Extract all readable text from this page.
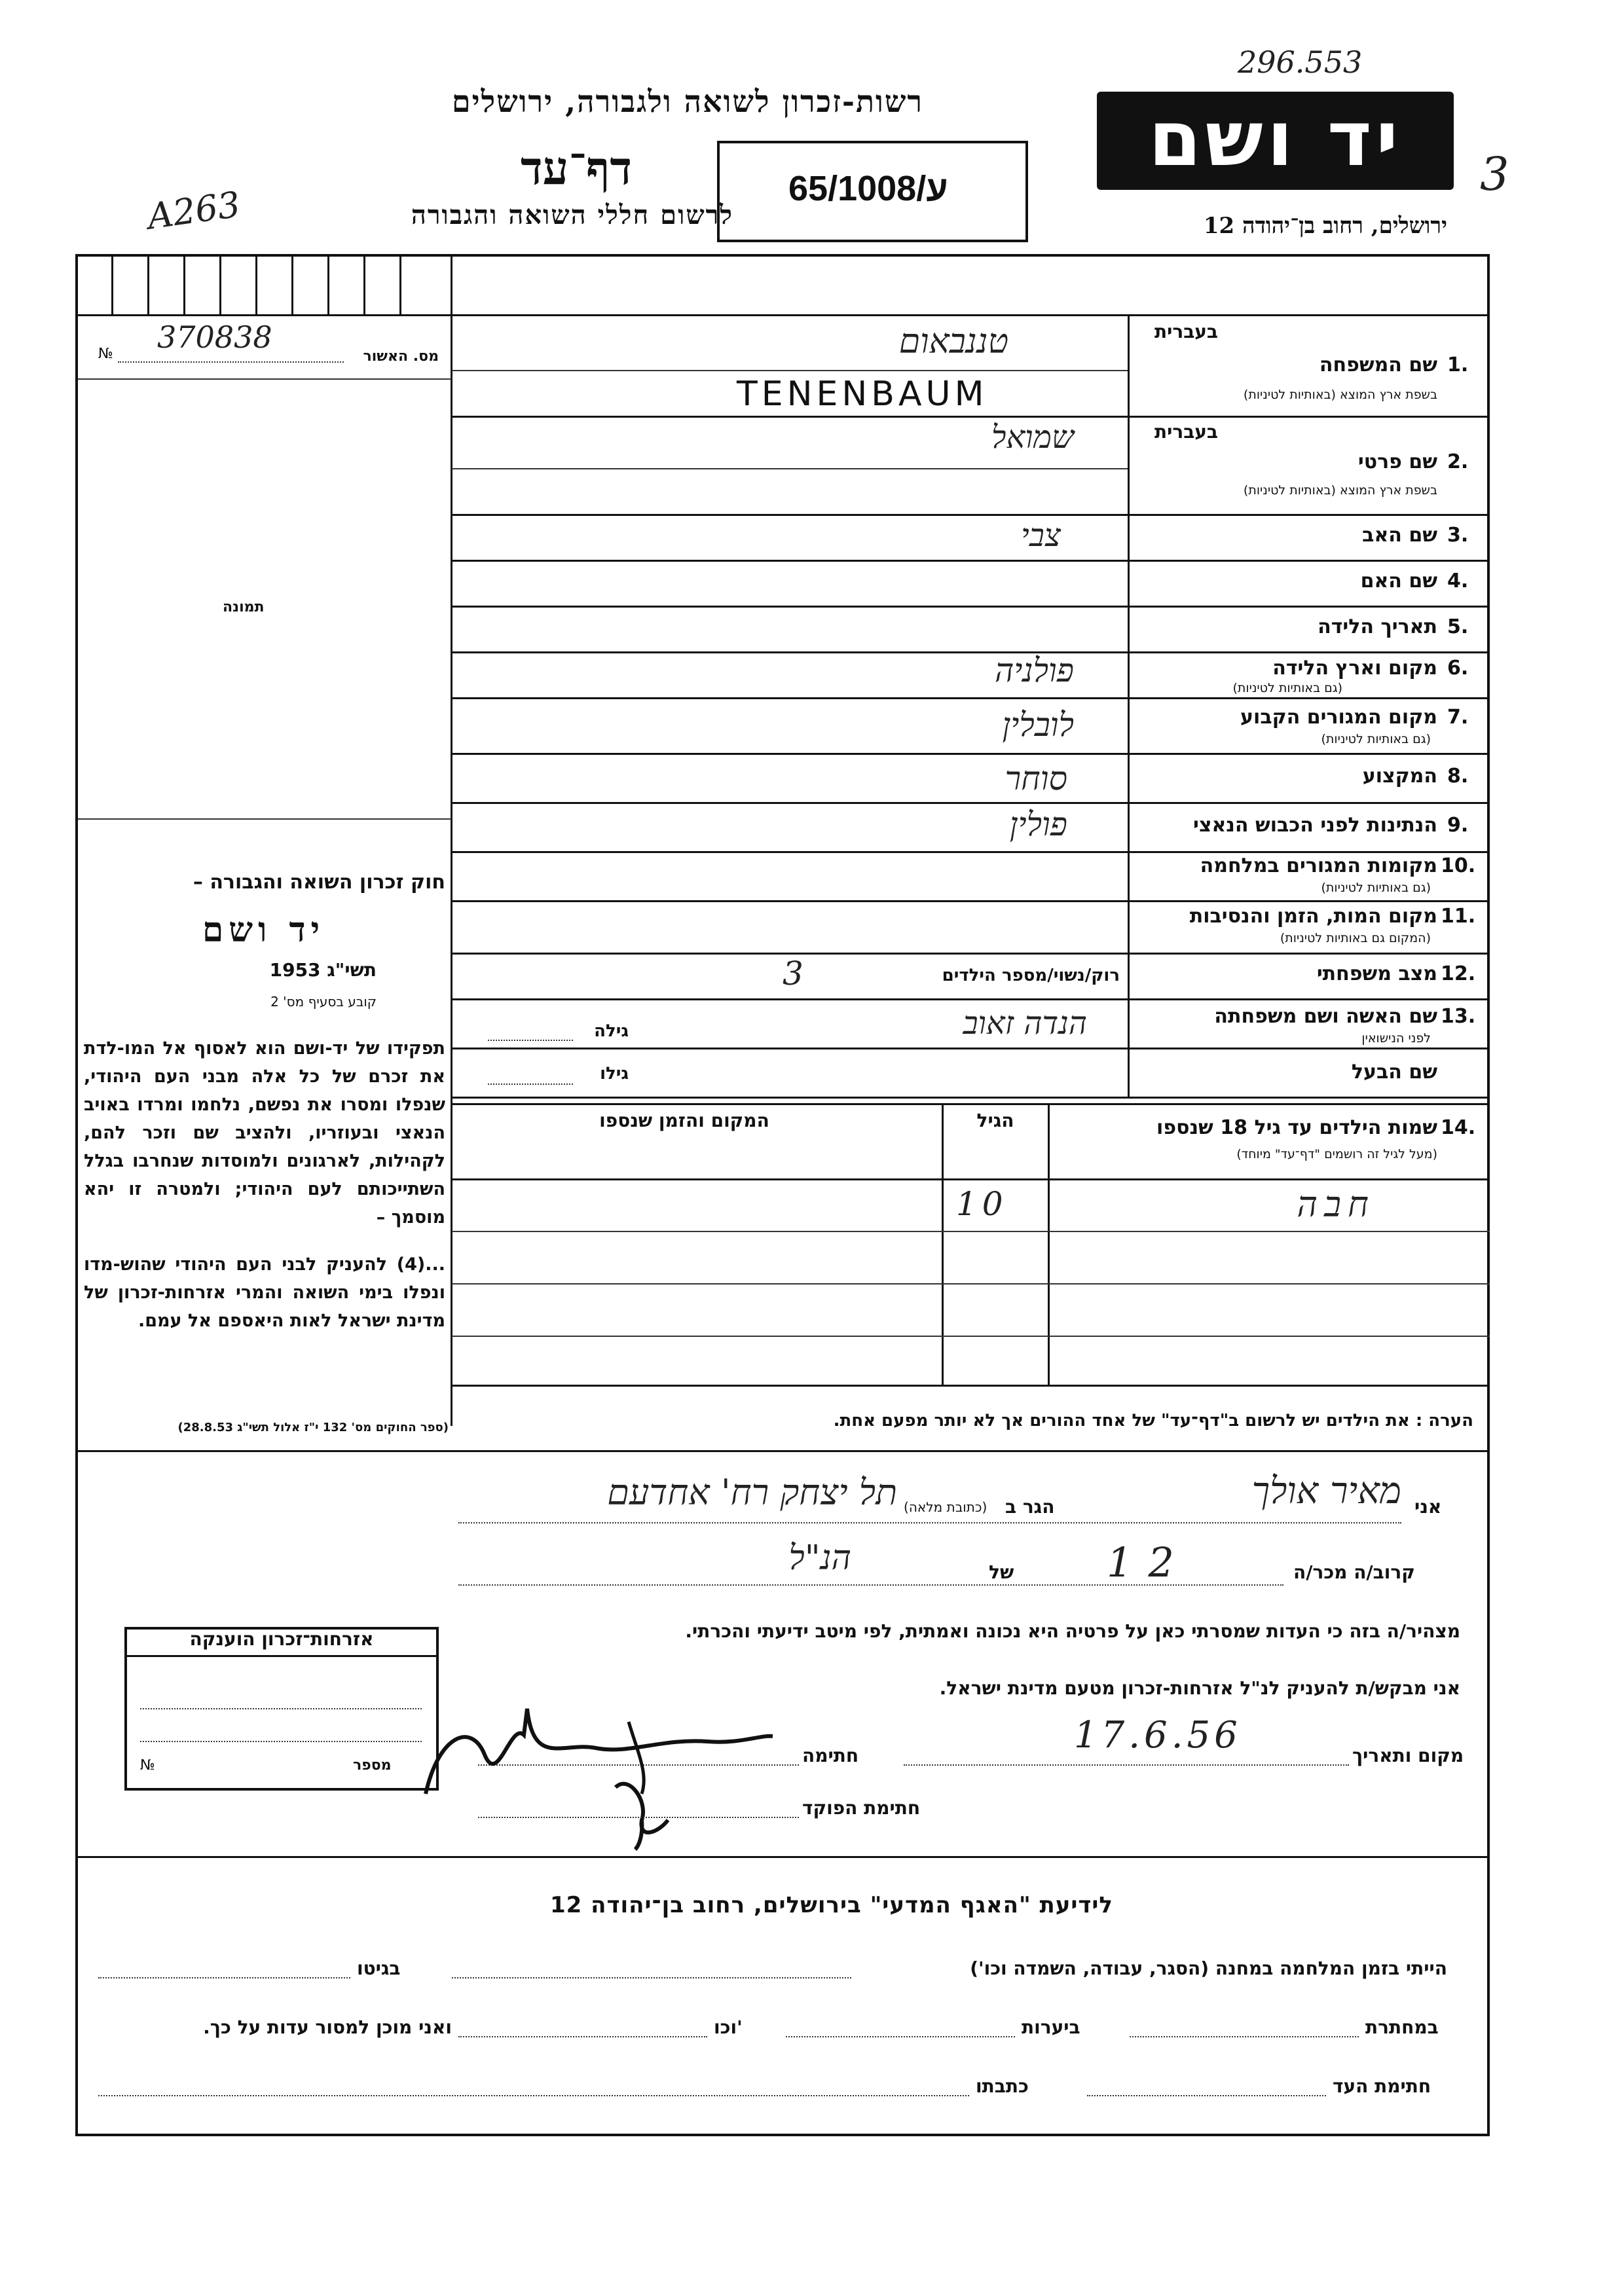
296.553
3
A263
רשות-זכרון לשואה ולגבורה, ירושלים
דף־עד
לרשום חללי השואה והגבורה
65/1008/ע
יד ושם
ירושלים, רחוב בן־יהודה 12
370838
№	מס. האשור
תמונה
חוק זכרון השואה והגבורה –
יד ושם
תשי"ג 1953
קובע בסעיף מס' 2
תפקידו של יד-ושם הוא לאסוף אל המו-לדת את זכרם של כל אלה מבני העם היהודי, שנפלו ומסרו את נפשם, נלחמו ומרדו באויב הנאצי ובעוזריו, ולהציב שם וזכר להם, לקהילות, לארגונים ולמוסדות שנחרבו בגלל השתייכותם לעם היהודי; ולמטרה זו יהא מוסמך –
...(4) להעניק לבני העם היהודי שהוש-מדו ונפלו בימי השואה והמרי אזרחות-זכרון של מדינת ישראל לאות היאספם אל עמם.
(ספר החוקים מס' 132 י"ז אלול תשי"ג 28.8.53)
בעברית
שם המשפחה 1.
בשפת ארץ המוצא (באותיות לטיניות)
טננבאום
TENENBAUM
בעברית
שם פרטי 2.
בשפת ארץ המוצא (באותיות לטיניות)
שמואל
שם האב 3.
צבי
שם האם 4.
תאריך הלידה 5.
מקום וארץ הלידה 6.
(גם באותיות לטיניות)
פולניה
מקום המגורים הקבוע 7.
(גם באותיות לטיניות)
לובלין
המקצוע 8.
סוחר
הנתינות לפני הכבוש הנאצי 9.
פולין
מקומות המגורים במלחמה 10.
(גם באותיות לטיניות)
מקום המות, הזמן והנסיבות 11.
(המקום גם באותיות לטיניות)
מצב משפחתי 12.
רוק/נשוי/מספר הילדים
3
שם האשה ושם משפחתה 13.
לפני הנישואין
הנדה זאוב
גילה
שם הבעל
גילו
14.
שמות הילדים עד גיל 18 שנספו
(מעל לגיל זה רושמים "דף־עד" מיוחד)
הגיל
המקום והזמן שנספו
חבה
10
הערה : את הילדים יש לרשום ב"דף־עד" של אחד ההורים אך לא יותר מפעם אחת.
אני
מאיר אולך
הגר ב
(כתובת מלאה)
תל יצחק רח' אחדעם
קרוב/ה מכר/ה
12
של
הנ"ל
מצהיר/ה בזה כי העדות שמסרתי כאן על פרטיה היא נכונה ואמתית, לפי מיטב ידיעתי והכרתי.
אני מבקש/ת להעניק לנ"ל אזרחות-זכרון מטעם מדינת ישראל.
מקום ותאריך
17.6.56
חתימה
חתימת הפוקד
אזרחות־זכרון הוענקה
מספר
№
לידיעת "האגף המדעי" בירושלים, רחוב בן־יהודה 12
הייתי בזמן המלחמה במחנה (הסגר, עבודה, השמדה וכו')
בגיטו
במחתרת
ביערות
וכו'
ואני מוכן למסור עדות על כך.
חתימת העד
כתבתו
